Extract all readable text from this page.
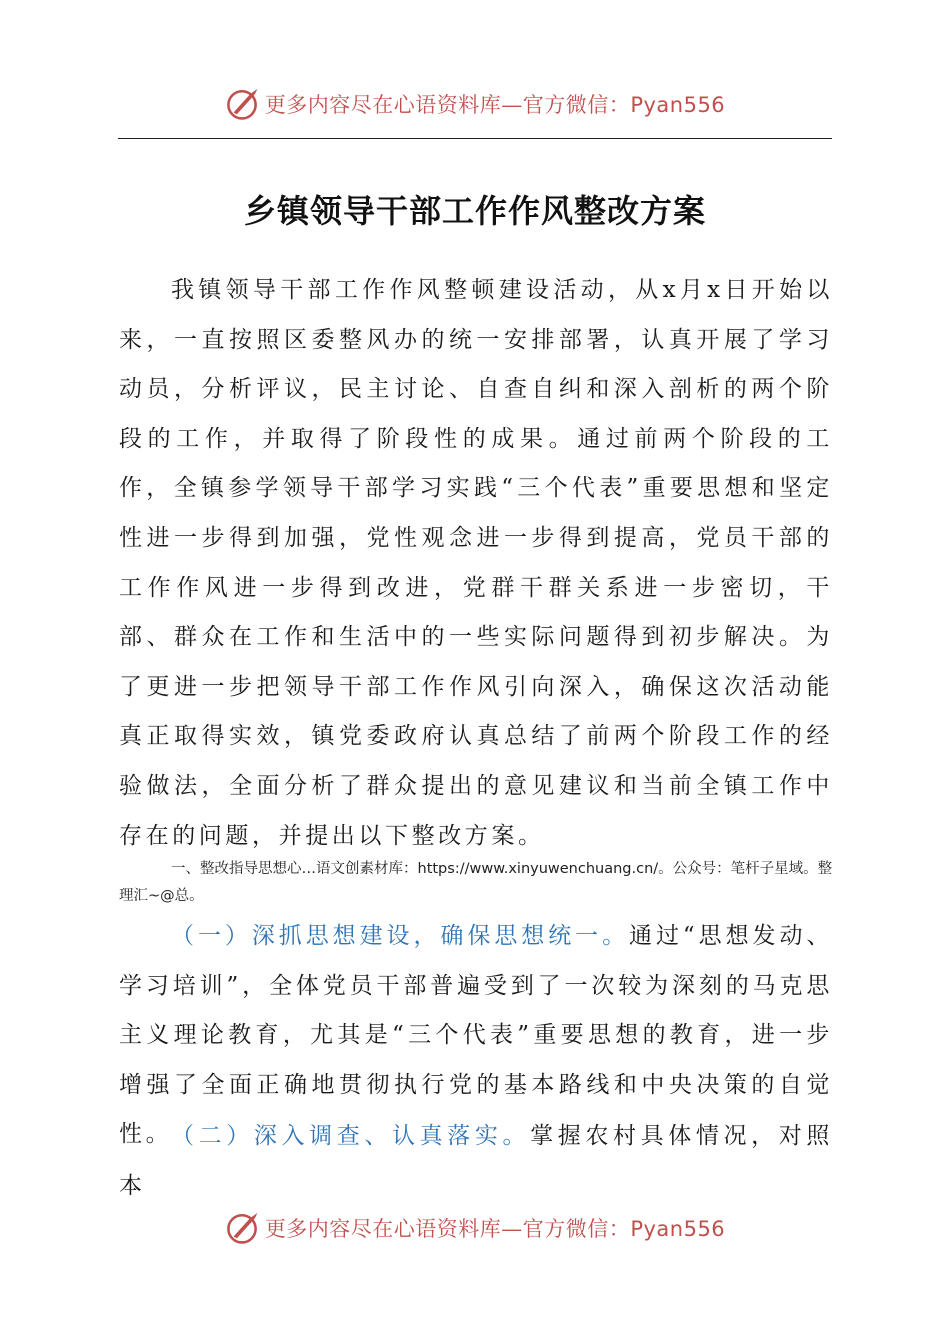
更多内容尽在心语资料库—官方微信：Pyan556
乡镇领导干部工作作风整改方案
我镇领导干部工作作风整顿建设活动，从x月x日开始以来，一直按照区委整风办的统一安排部署，认真开展了学习动员，分析评议，民主讨论、自查自纠和深入剖析的两个阶段的工作，并取得了阶段性的成果。通过前两个阶段的工作，全镇参学领导干部学习实践“三个代表”重要思想和坚定性进一步得到加强，党性观念进一步得到提高，党员干部的工作作风进一步得到改进，党群干群关系进一步密切，干部、群众在工作和生活中的一些实际问题得到初步解决。为了更进一步把领导干部工作作风引向深入，确保这次活动能真正取得实效，镇党委政府认真总结了前两个阶段工作的经验做法，全面分析了群众提出的意见建议和当前全镇工作中存在的问题，并提出以下整改方案。
一、整改指导思想心…语文创素材库：https://www.xinyuwenchuang.cn/。公众号：笔杆子星域。整理汇~@总。
（一）深抓思想建设，确保思想统一。通过“思想发动、学习培训”，全体党员干部普遍受到了一次较为深刻的马克思主义理论教育，尤其是“三个代表”重要思想的教育，进一步增强了全面正确地贯彻执行党的基本路线和中央决策的自觉性。
（二）深入调查、认真落实。掌握农村具体情况，对照本
更多内容尽在心语资料库—官方微信：Pyan556
